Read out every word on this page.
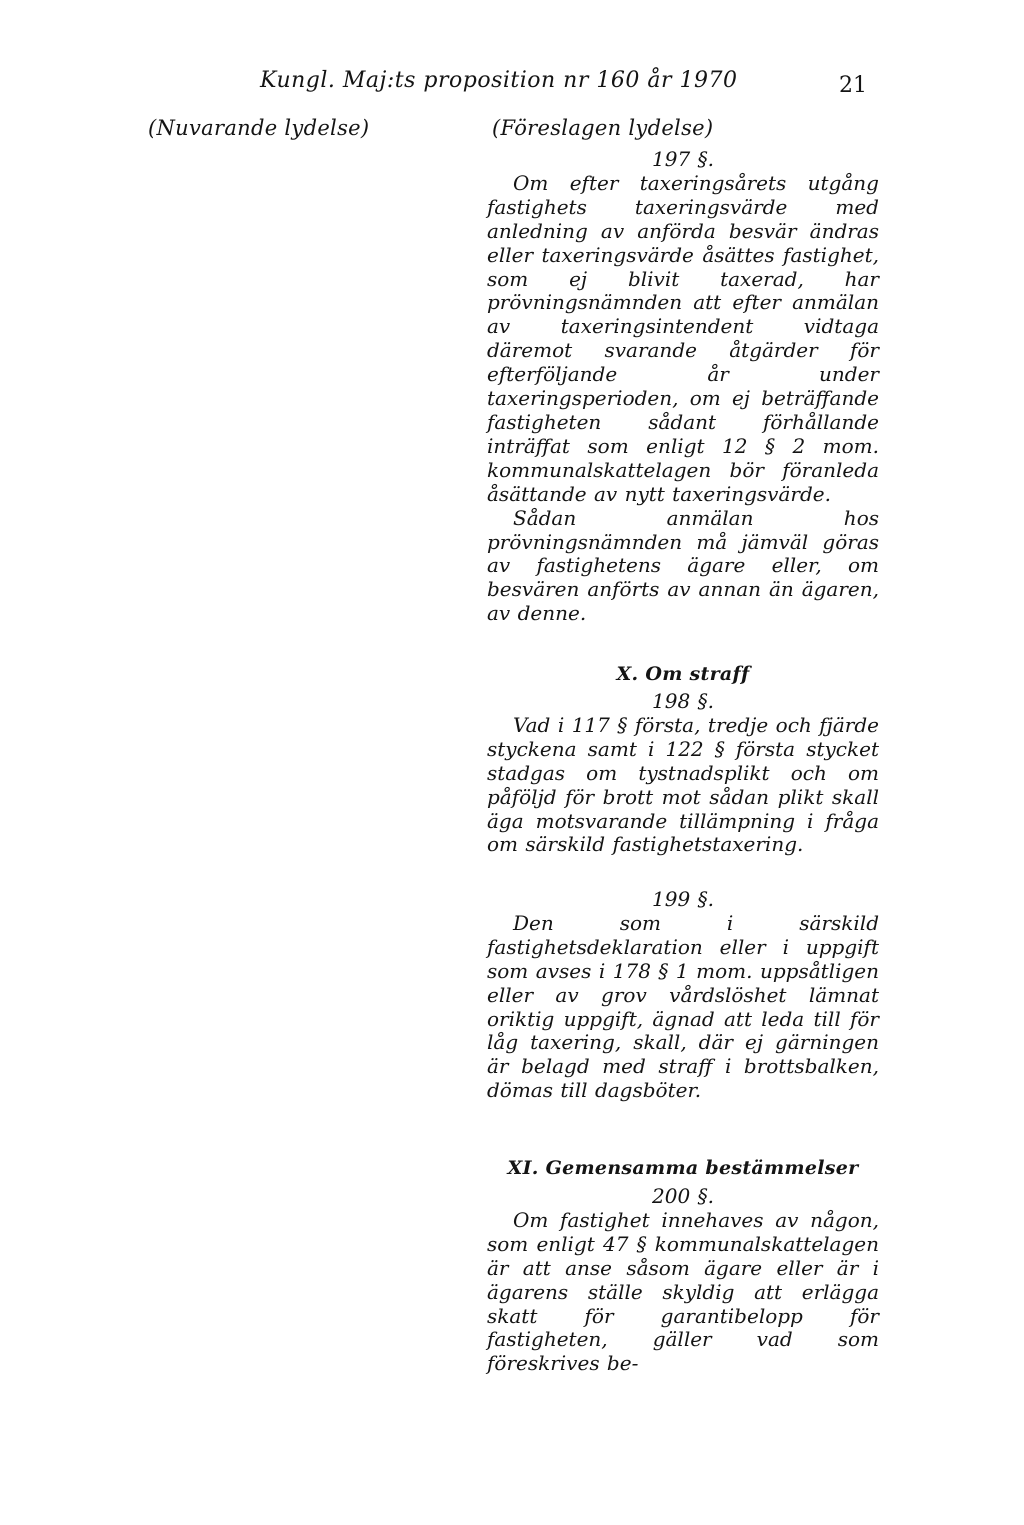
Kungl. Maj:ts proposition nr 160 år 1970	21
(Nuvarande lydelse)	(Föreslagen lydelse)

197 §.

Om efter taxeringsårets utgång fastighets taxeringsvärde med anledning av anförda besvär ändras eller taxeringsvärde åsättes fastighet, som ej blivit taxerad, har prövningsnämnden att efter anmälan av taxeringsintendent vidtaga däremot svarande åtgärder för efterföljande år under taxeringsperioden, om ej beträffande fastigheten sådant förhållande inträffat som enligt 12 § 2 mom. kommunalskattelagen bör föranleda åsättande av nytt taxeringsvärde.

Sådan anmälan hos prövningsnämnden må jämväl göras av fastighetens ägare eller, om besvären anförts av annan än ägaren, av denne.

X. Om straff

198 §.

Vad i 117 § första, tredje och fjärde styckena samt i 122 § första stycket stadgas om tystnadsplikt och om påföljd för brott mot sådan plikt skall äga motsvarande tillämpning i fråga om särskild fastighetstaxering.

199 §.

Den som i särskild fastighetsdeklaration eller i uppgift som avses i 178 § 1 mom. uppsåtligen eller av grov vårdslöshet lämnat oriktig uppgift, ägnad att leda till för låg taxering, skall, där ej gärningen är belagd med straff i brottsbalken, dömas till dagsböter.

XI. Gemensamma bestämmelser

200 §.

Om fastighet innehaves av någon, som enligt 47 § kommunalskattelagen är att anse såsom ägare eller är i ägarens ställe skyldig att erlägga skatt för garantibelopp för fastigheten, gäller vad som föreskrives be-
